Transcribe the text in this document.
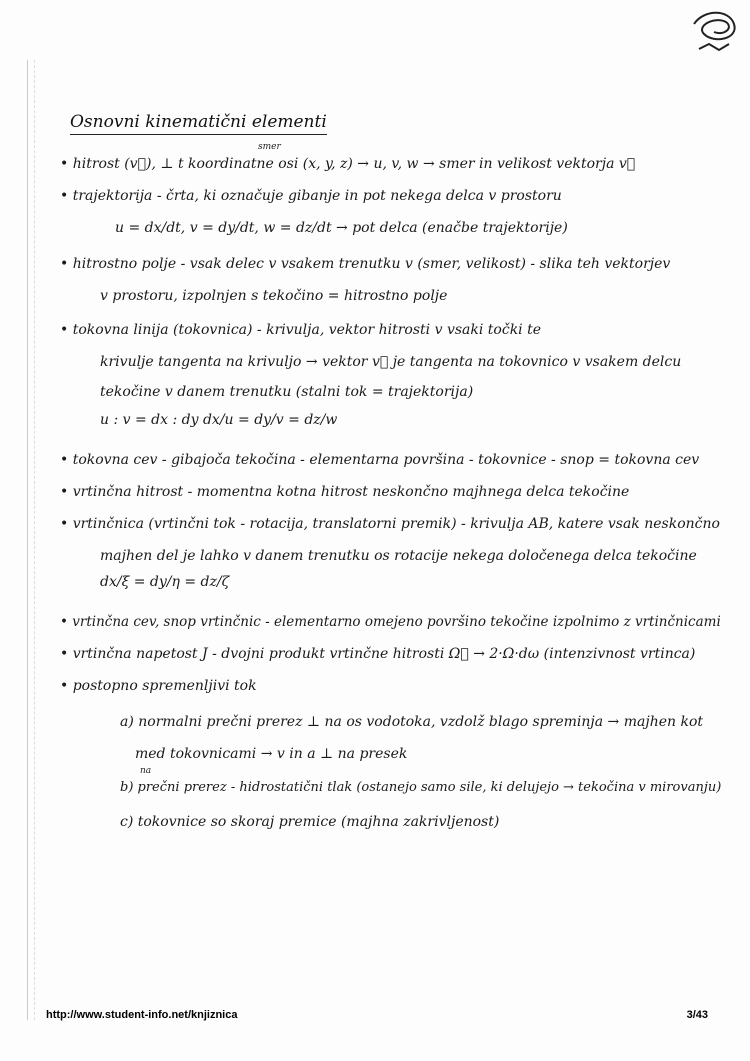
Osnovni kinematični elementi
smer
• hitrost (v⃗), ⊥ t koordinatne osi (x, y, z) → u, v, w → smer in velikost vektorja v⃗
• trajektorija - črta, ki označuje gibanje in pot nekega delca v prostoru
u = dx/dt, v = dy/dt, w = dz/dt → pot delca (enačbe trajektorije)
• hitrostno polje - vsak delec v vsakem trenutku v (smer, velikost) - slika teh vektorjev
v prostoru, izpolnjen s tekočino = hitrostno polje
• tokovna linija (tokovnica) - krivulja, vektor hitrosti v vsaki točki te
krivulje tangenta na krivuljo → vektor v⃗ je tangenta na tokovnico v vsakem delcu
tekočine v danem trenutku (stalni tok = trajektorija)
u : v = dx : dy dx/u = dy/v = dz/w
• tokovna cev - gibajoča tekočina - elementarna površina - tokovnice - snop = tokovna cev
• vrtinčna hitrost - momentna kotna hitrost neskončno majhnega delca tekočine
• vrtinčnica (vrtinčni tok - rotacija, translatorni premik) - krivulja AB, katere vsak neskončno
majhen del je lahko v danem trenutku os rotacije nekega določenega delca tekočine
dx/ξ = dy/η = dz/ζ
• vrtinčna cev, snop vrtinčnic - elementarno omejeno površino tekočine izpolnimo z vrtinčnicami
• vrtinčna napetost J - dvojni produkt vrtinčne hitrosti Ω⃗ → 2·Ω·dω (intenzivnost vrtinca)
• postopno spremenljivi tok
a) normalni prečni prerez ⊥ na os vodotoka, vzdolž blago spreminja → majhen kot
med tokovnicami → v in a ⊥ na presek
na
b) prečni prerez - hidrostatični tlak (ostanejo samo sile, ki delujejo → tekočina v mirovanju)
c) tokovnice so skoraj premice (majhna zakrivljenost)
http://www.student-info.net/knjiznica	3/43
